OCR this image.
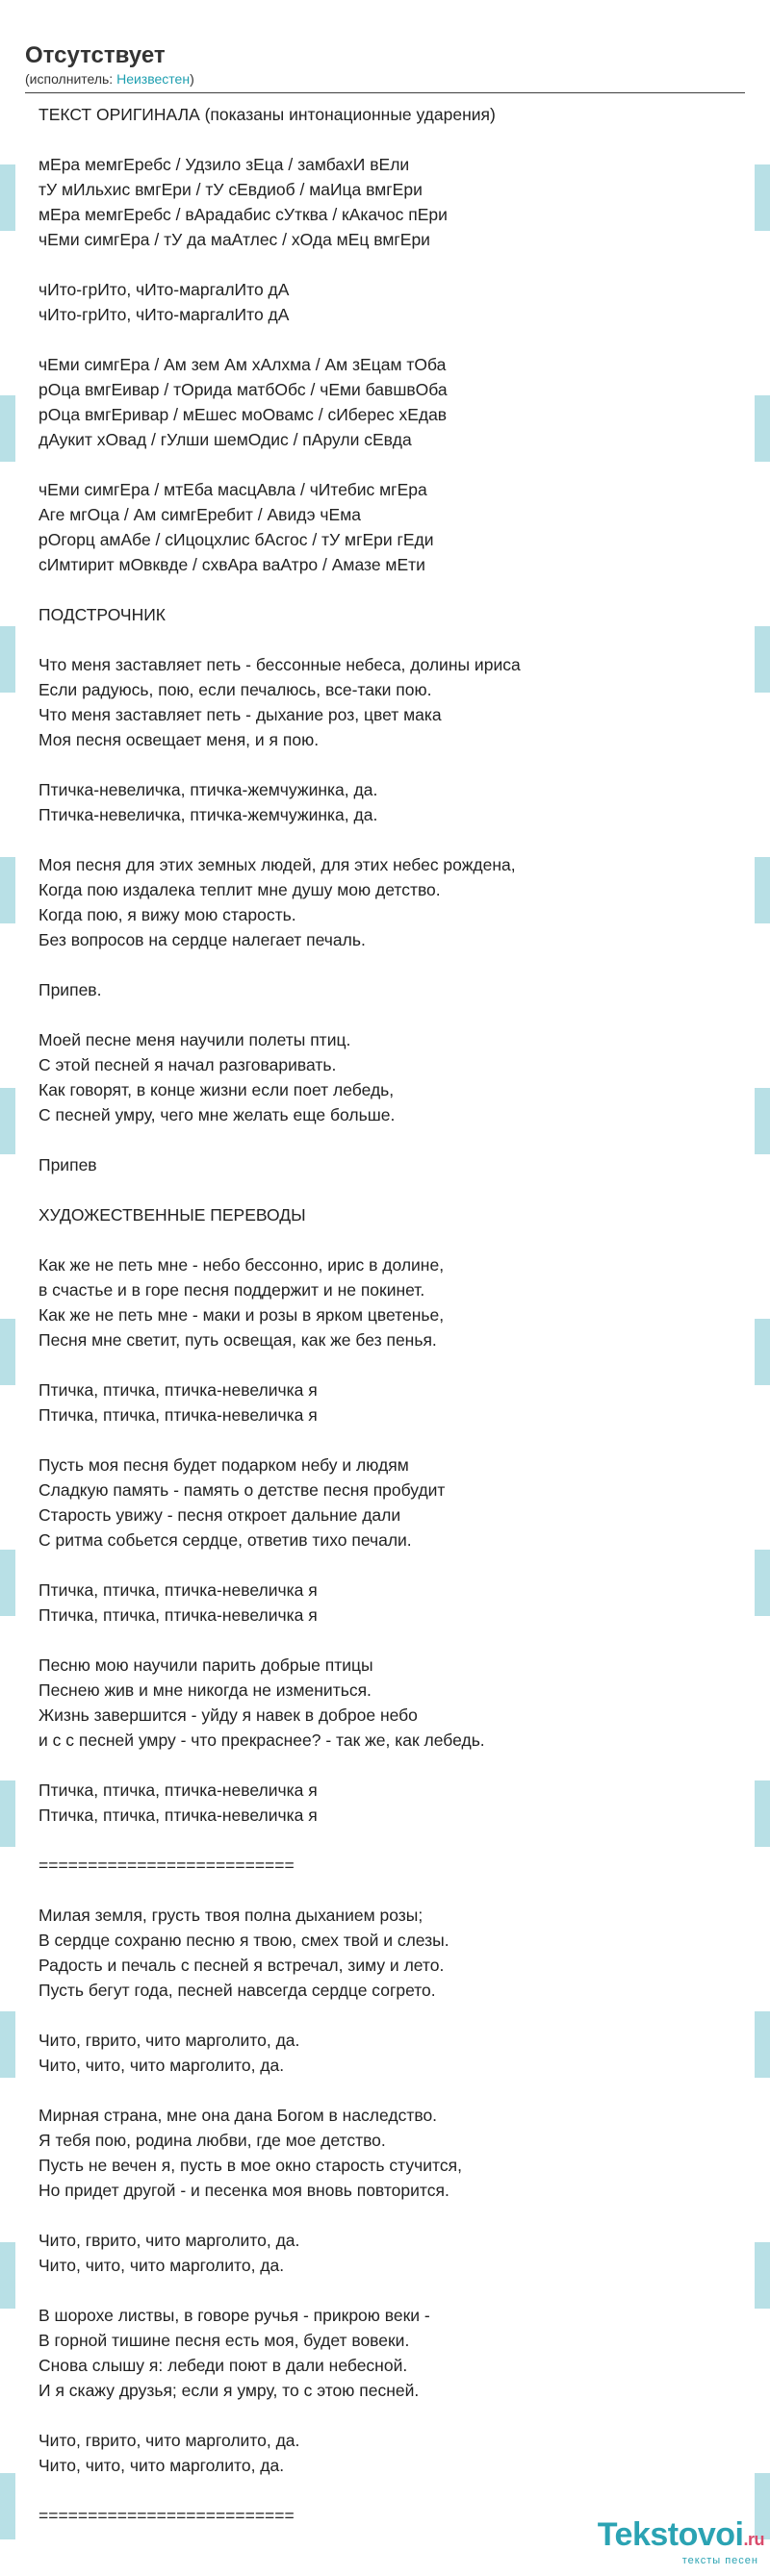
Отсутствует
(исполнитель: Неизвестен)
ТЕКСТ ОРИГИНАЛА (показаны интонационные ударения)
мЕра мемгЕребс / Удзило зЕца / замбахИ вЕли
тУ мИльхис вмгЕри / тУ сЕвдиоб / маИца вмгЕри
мЕра мемгЕребс / вАрадабис сУтква / кАкачос пЕри
чЕми симгЕра / тУ да маАтлес / хОда мЕц вмгЕри
чИто-грИто, чИто-маргалИто дА
чИто-грИто, чИто-маргалИто дА
чЕми симгЕра / Ам зем Ам хАлхма / Ам зЕцам тОба
рОца вмгЕивар / тОрида матбОбс / чЕми бавшвОба
рОца вмгЕривар / мЕшес моОвамс / сИберес хЕдав
дАукит хОвад / гУлши шемОдис / пАрули сЕвда
чЕми симгЕра / мтЕба масцАвла / чИтебис мгЕра
Аге мгОца / Ам симгЕребит / Авидэ чЕма
рОгорц амАбе / сИцоцхлис бАсгос / тУ мгЕри гЕди
сИмтирит мОвквде / схвАра ваАтро / Амазе мЕти
ПОДСТРОЧНИК
Что меня заставляет петь - бессонные небеса, долины ириса
Если радуюсь, пою, если печалюсь, все-таки пою.
Что меня заставляет петь - дыхание роз, цвет мака
Моя песня освещает меня, и я пою.
Птичка-невеличка, птичка-жемчужинка, да.
Птичка-невеличка, птичка-жемчужинка, да.
Моя песня для этих земных людей, для этих небес рождена,
Когда пою издалека теплит мне душу мою детство.
Когда пою, я вижу мою старость.
Без вопросов на сердце налегает печаль.
Припев.
Моей песне меня научили полеты птиц.
С этой песней я начал разговаривать.
Как говорят, в конце жизни если поет лебедь,
С песней умру, чего мне желать еще больше.
Припев
ХУДОЖЕСТВЕННЫЕ ПЕРЕВОДЫ
Как же не петь мне - небо бессонно, ирис в долине,
в счастье и в горе песня поддержит и не покинет.
Как же не петь мне - маки и розы в ярком цветенье,
Песня мне светит, путь освещая, как же без пенья.
Птичка, птичка, птичка-невеличка я
Птичка, птичка, птичка-невеличка я
Пусть моя песня будет подарком небу и людям
Сладкую память - память о детстве песня пробудит
Старость увижу - песня откроет дальние дали
С ритма собьется сердце, ответив тихо печали.
Птичка, птичка, птичка-невеличка я
Птичка, птичка, птичка-невеличка я
Песню мою научили парить добрые птицы
Песнею жив и мне никогда не измениться.
Жизнь завершится - уйду я навек в доброе небо
и с с песней умру - что прекраснее? - так же, как лебедь.
Птичка, птичка, птичка-невеличка я
Птичка, птичка, птичка-невеличка я
==========================
Милая земля, грусть твоя полна дыханием розы;
В сердце сохраню песню я твою, смех твой и слезы.
Радость и печаль с песней я встречал, зиму и лето.
Пусть бегут года, песней навсегда сердце согрето.
Чито, гврито, чито марголито, да.
Чито, чито, чито марголито, да.
Мирная страна, мне она дана Богом в наследство.
Я тебя пою, родина любви, где мое детство.
Пусть не вечен я, пусть в мое окно старость стучится,
Но придет другой - и песенка моя вновь повторится.
Чито, гврито, чито марголито, да.
Чито, чито, чито марголито, да.
В шорохе листвы, в говоре ручья - прикрою веки -
В горной тишине песня есть моя, будет вовеки.
Снова слышу я: лебеди поют в дали небесной.
И я скажу друзья; если я умру, то с этою песней.
Чито, гврито, чито марголито, да.
Чито, чито, чито марголито, да.
==========================
Tekstovoi.ru
тексты песен
